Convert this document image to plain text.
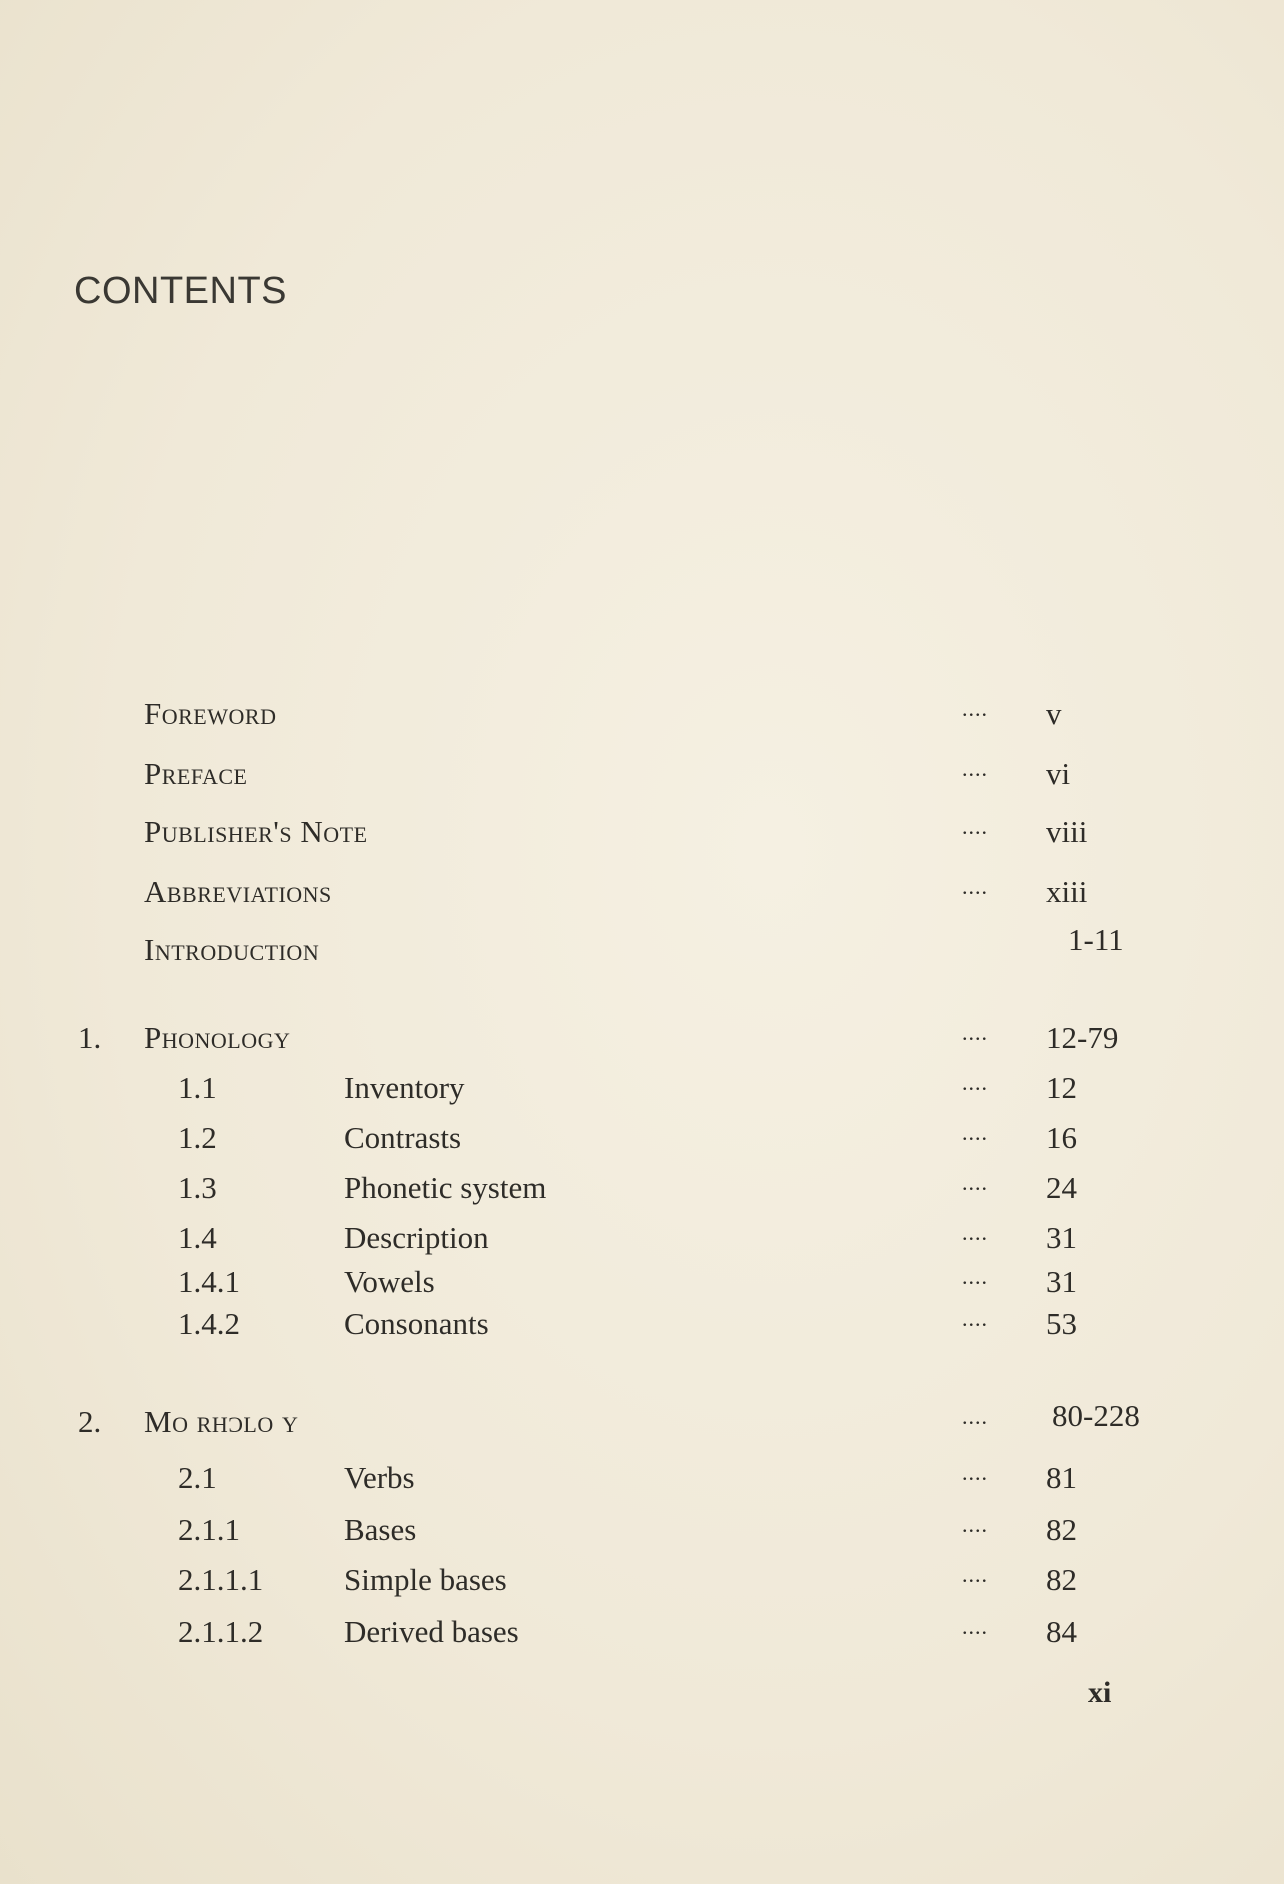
CONTENTS
Foreword	.... v
Preface	.... vi
Publisher's Note	.... viii
Abbreviations	.... xiii
Introduction	1-11
1. Phonology	.... 12-79
1.1	Inventory	.... 12
1.2	Contrasts	.... 16
1.3	Phonetic system	.... 24
1.4	Description	.... 31
1.4.1	Vowels	.... 31
1.4.2	Consonants	.... 53
2. Mo rhɔlo y	.... 80-228
2.1	Verbs	.... 81
2.1.1	Bases	.... 82
2.1.1.1	Simple bases	.... 82
2.1.1.2	Derived bases	.... 84
xi
